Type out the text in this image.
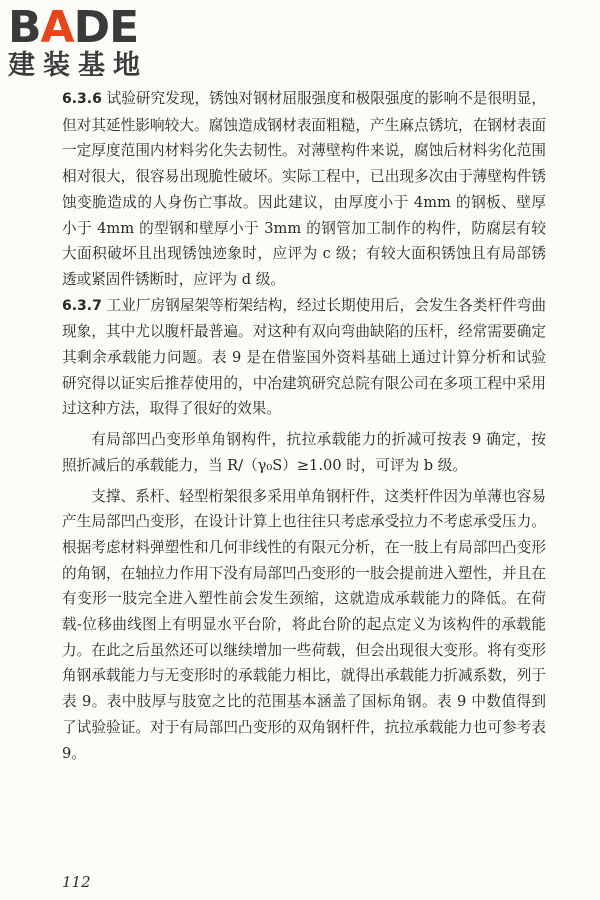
BADE
建装基地

6.3.6 试验研究发现，锈蚀对钢材屈服强度和极限强度的影响不是很明显，但对其延性影响较大。腐蚀造成钢材表面粗糙，产生麻点锈坑，在钢材表面一定厚度范围内材料劣化失去韧性。对薄壁构件来说，腐蚀后材料劣化范围相对很大，很容易出现脆性破坏。实际工程中，已出现多次由于薄壁构件锈蚀变脆造成的人身伤亡事故。因此建议，由厚度小于 4mm 的钢板、壁厚小于 4mm 的型钢和壁厚小于 3mm 的钢管加工制作的构件，防腐层有较大面积破坏且出现锈蚀迹象时，应评为 c 级；有较大面积锈蚀且有局部锈透或紧固件锈断时，应评为 d 级。

6.3.7 工业厂房钢屋架等桁架结构，经过长期使用后，会发生各类杆件弯曲现象，其中尤以腹杆最普遍。对这种有双向弯曲缺陷的压杆，经常需要确定其剩余承载能力问题。表 9 是在借鉴国外资料基础上通过计算分析和试验研究得以证实后推荐使用的，中冶建筑研究总院有限公司在多项工程中采用过这种方法，取得了很好的效果。

有局部凹凸变形单角钢构件，抗拉承载能力的折减可按表 9 确定，按照折减后的承载能力，当 R/（γ₀S）≥1.00 时，可评为 b 级。

支撑、系杆、轻型桁架很多采用单角钢杆件，这类杆件因为单薄也容易产生局部凹凸变形，在设计计算上也往往只考虑承受拉力不考虑承受压力。根据考虑材料弹塑性和几何非线性的有限元分析，在一肢上有局部凹凸变形的角钢，在轴拉力作用下没有局部凹凸变形的一肢会提前进入塑性，并且在有变形一肢完全进入塑性前会发生颈缩，这就造成承载能力的降低。在荷载-位移曲线图上有明显水平台阶，将此台阶的起点定义为该构件的承载能力。在此之后虽然还可以继续增加一些荷载，但会出现很大变形。将有变形角钢承载能力与无变形时的承载能力相比，就得出承载能力折减系数，列于表 9。表中肢厚与肢宽之比的范围基本涵盖了国标角钢。表 9 中数值得到了试验验证。对于有局部凹凸变形的双角钢杆件，抗拉承载能力也可参考表 9。

112
